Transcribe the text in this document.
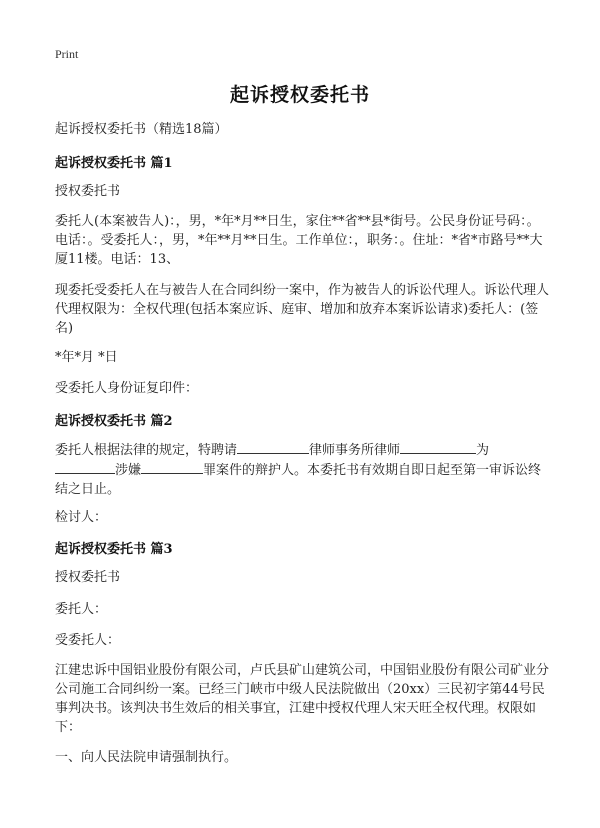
Print
起诉授权委托书
起诉授权委托书（精选18篇）
起诉授权委托书 篇1
授权委托书
委托人(本案被告人)：，男，*年*月**日生，家住**省**县*街号。公民身份证号码：。电话：。受委托人：，男，*年**月**日生。工作单位：，职务：。住址：*省*市路号**大厦11楼。电话：13、
现委托受委托人在与被告人在合同纠纷一案中，作为被告人的诉讼代理人。诉讼代理人代理权限为：全权代理(包括本案应诉、庭审、增加和放弃本案诉讼请求)委托人：(签名)
*年*月 *日
受委托人身份证复印件：
起诉授权委托书 篇2
委托人根据法律的规定，特聘请	律师事务所律师	为
涉嫌	罪案件的辩护人。本委托书有效期自即日起至第一审诉讼终结之日止。
检讨人：
起诉授权委托书 篇3
授权委托书
委托人：
受委托人：
江建忠诉中国铝业股份有限公司，卢氏县矿山建筑公司，中国铝业股份有限公司矿业分公司施工合同纠纷一案。已经三门峡市中级人民法院做出（20xx）三民初字第44号民事判决书。该判决书生效后的相关事宜，江建中授权代理人宋天旺全权代理。权限如下：
一、向人民法院申请强制执行。
